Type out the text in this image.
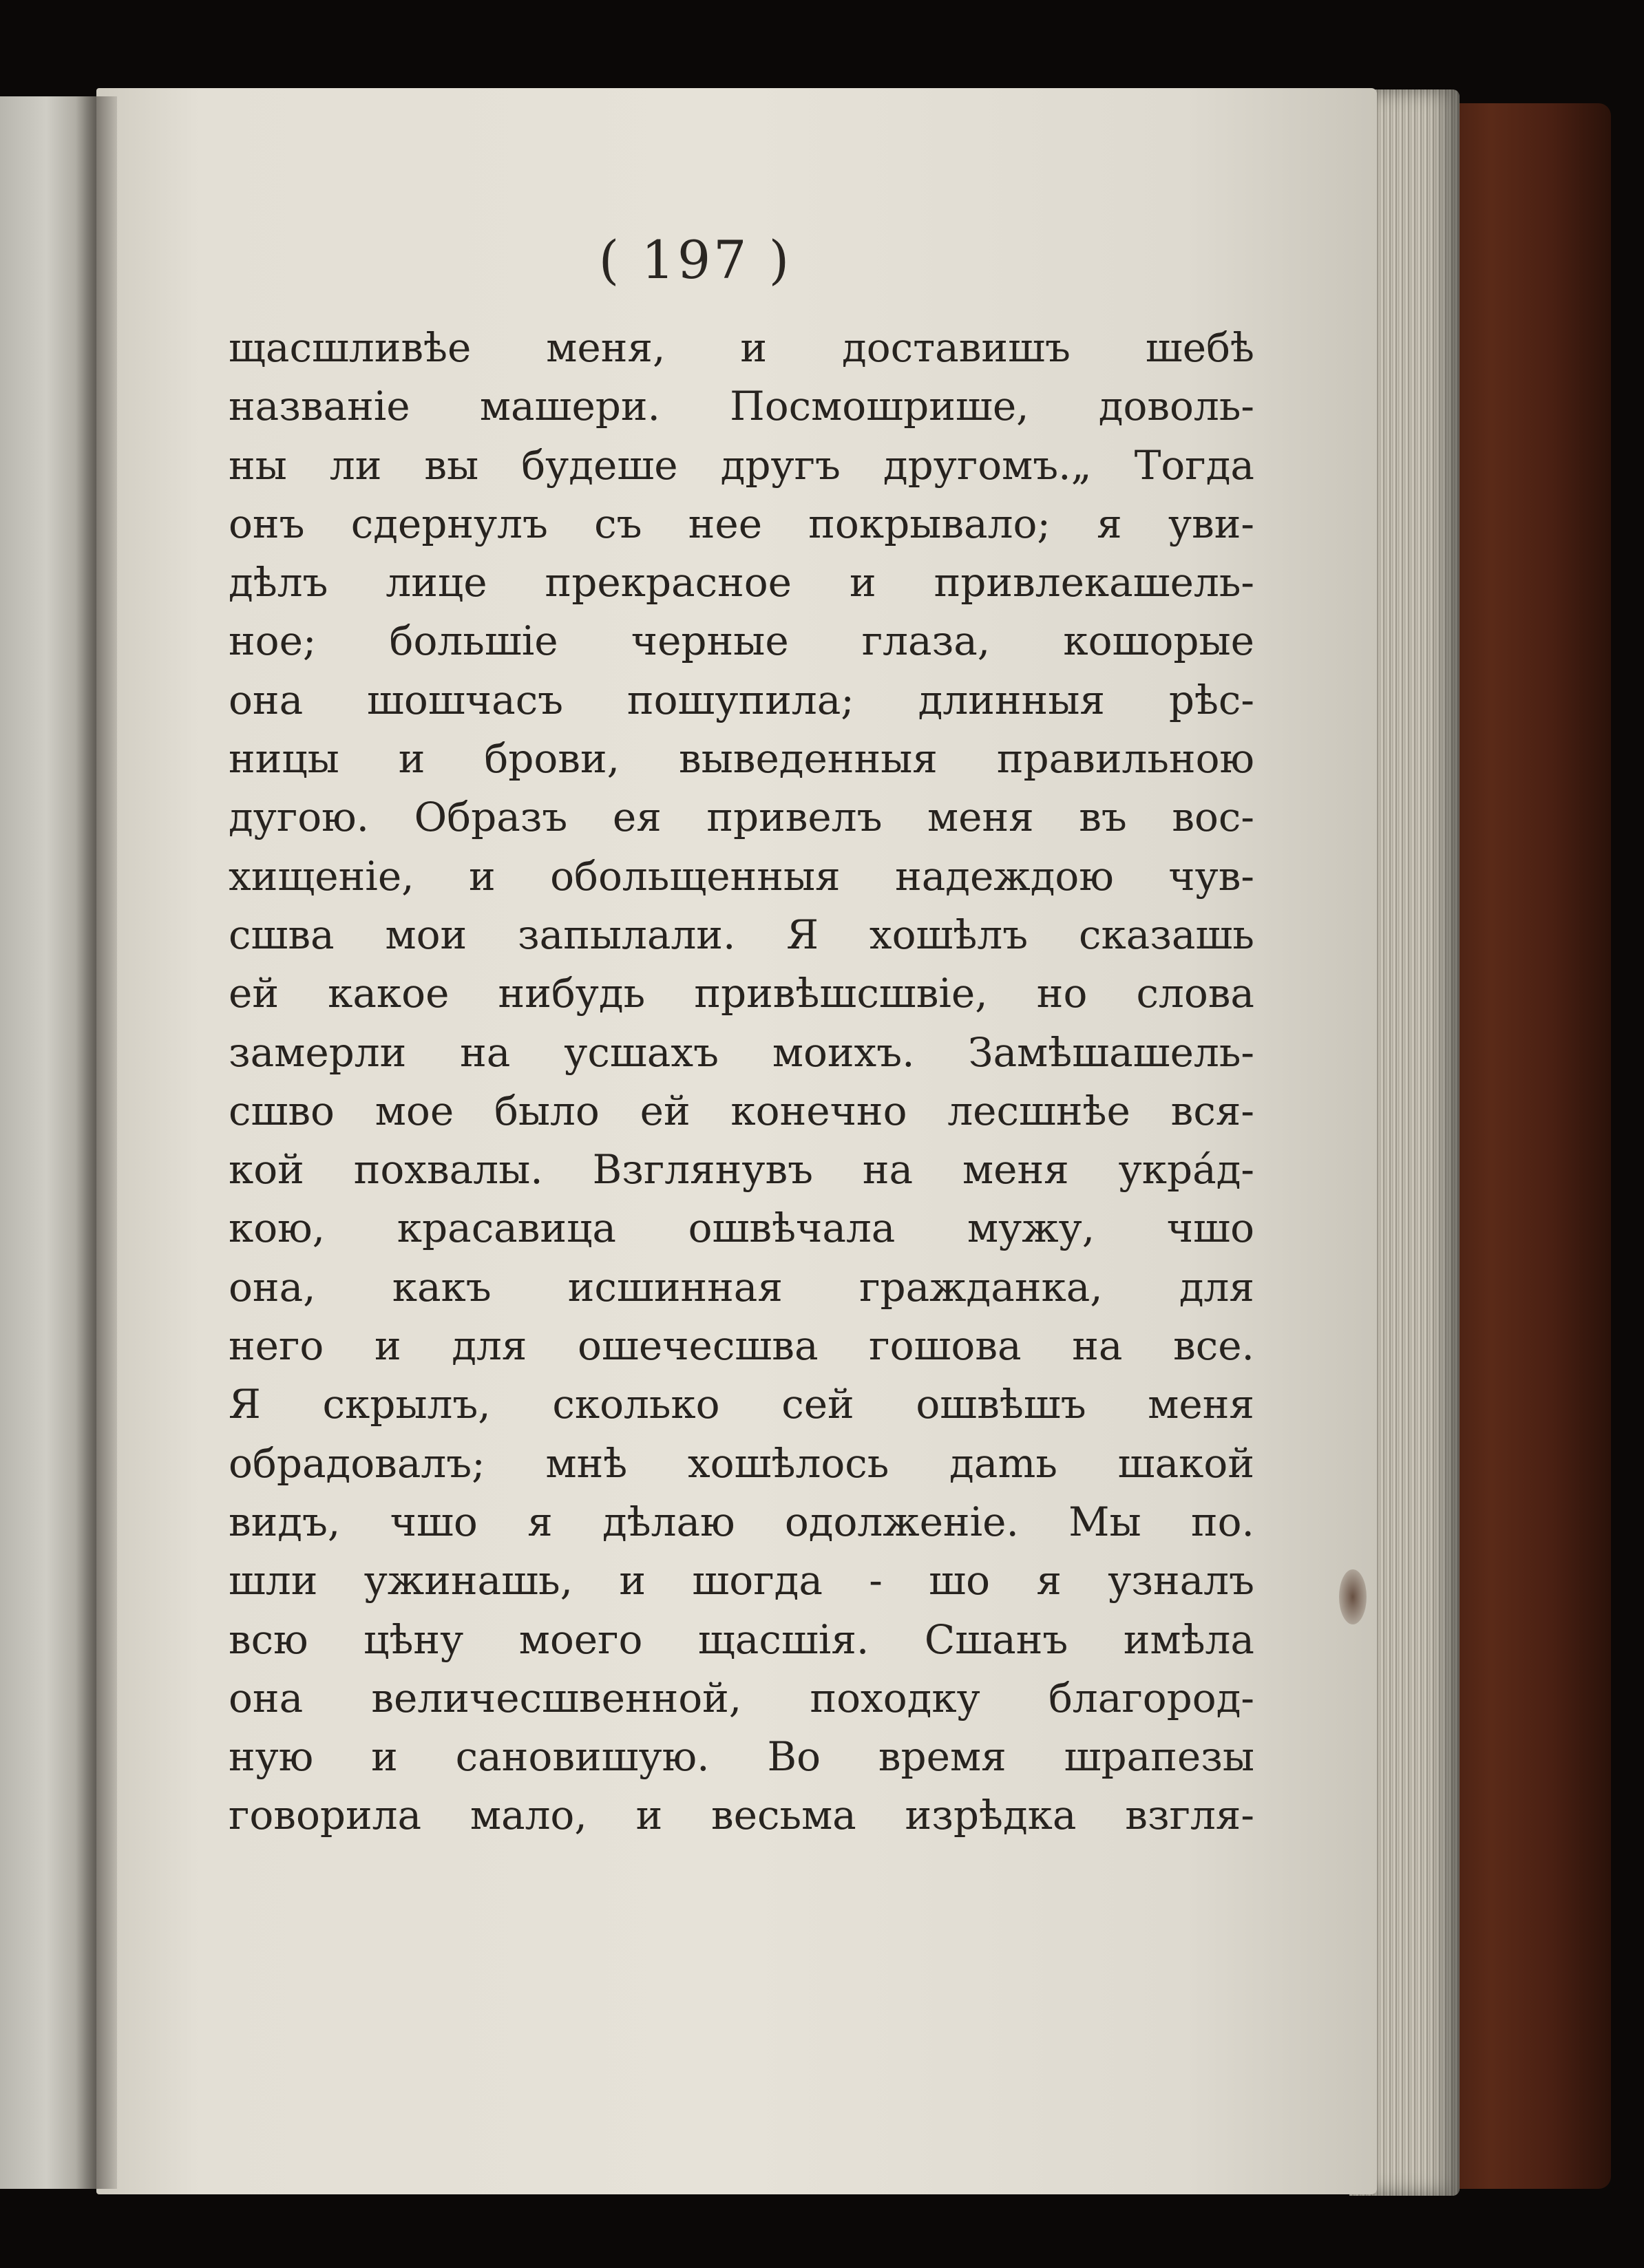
( 197 )
щасшливѣе меня, и доставишъ шебѣ
названіе машери. Посмошрише, доволь-
ны ли вы будеше другъ другомъ.„ Тогда
онъ сдернулъ съ нее покрывало; я уви-
дѣлъ лице прекрасное и привлекашель-
ное; большіе черные глаза, кошорые
она шошчасъ пошупила; длинныя рѣс-
ницы и брови, выведенныя правильною
дугою. Образъ ея привелъ меня въ вос-
хищеніе, и обольщенныя надеждою чув-
сшва мои запылали. Я хошѣлъ сказашь
ей какое нибудь привѣшсшвіе, но слова
замерли на усшахъ моихъ. Замѣшашель-
сшво мое было ей конечно лесшнѣе вся-
кой похвалы. Взглянувъ на меня укрáд-
кою, красавица ошвѣчала мужу, чшо
она, какъ исшинная гражданка, для
него и для ошечесшва гошова на все.
Я скрылъ, сколько сей ошвѣшъ меня
обрадовалъ; мнѣ хошѣлось даmь шакой
видъ, чшо я дѣлаю одолженіе. Мы по.
шли ужинашь, и шогда - шо я узналъ
всю цѣну моего щасшія. Сшанъ имѣла
она величесшвенной, походку благород-
ную и сановишую. Во время шрапезы
говорила мало, и весьма изрѣдка взгля-
